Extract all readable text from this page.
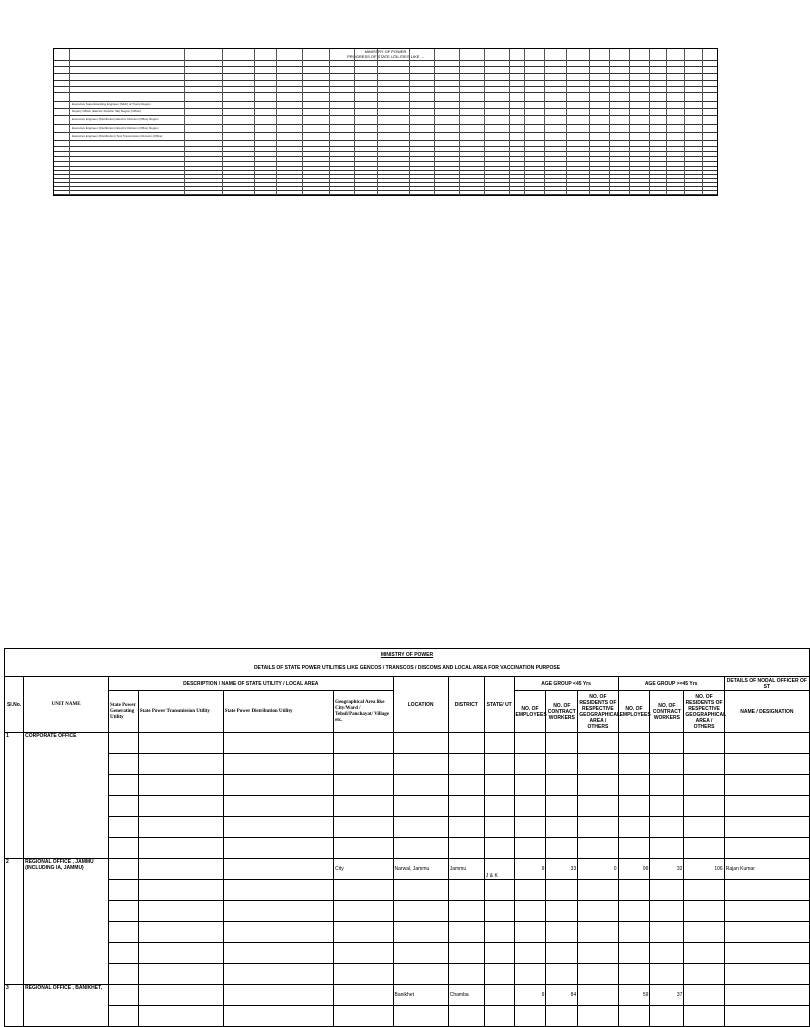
MINISTRY OF POWER
PROGRESS OF STATE UTILITIES LIKE ...
Executive Superintending Engineer (S&O) of Tronic Region
Deputy Officer (Electric Division SE) Region (Office)
Executive Engineer (Distribution) Electric Division (Office) Region
Executive Engineer (Distribution) Electric Division (Office) Region
Executive Engineer (Distribution) Text Transmission Division (Office)
MINISTRY OF POWER															
DETAILS OF STATE POWER UTILITIES LIKE GENCOS / TRANSCOS / DISCOMS AND LOCAL AREA FOR VACCINATION PURPOSE															
Sl.No.	UNIT NAME	DESCRIPTION / NAME OF STATE UTILITY / LOCAL AREA				LOCATION	DISTRICT	STATE/ UT	AGE GROUP <45 Yrs			AGE GROUP >=45 Yrs			DETAILS OF NODAL OFFICER OF ST
		State Power Generating Utility	State Power Transmission Utility	State Power Distribution Utility	Geographical Area like City/Ward / Tehsil/Panchayat/ Village etc.				NO. OF EMPLOYEES	NO. OF CONTRACT WORKERS	NO. OF RESIDENTS OF RESPECTIVE GEOGRAPHICAL AREA / OTHERS	NO. OF EMPLOYEES	NO. OF CONTRACT WORKERS	NO. OF RESIDENTS OF RESPECTIVE GEOGRAPHICAL AREA / OTHERS	NAME / DESIGNATION
1	CORPORATE OFFICE														

2	REGIONAL OFFICE , JAMMU (INCLUDING IA, JAMMU)				City	Narwal, Jammu	Jammu	J & K	9	33	0	99	32	106	Rajan Kumar

3	REGIONAL OFFICE , BANIKHET,					Banikhet	Chamba		9	84		59	37		
